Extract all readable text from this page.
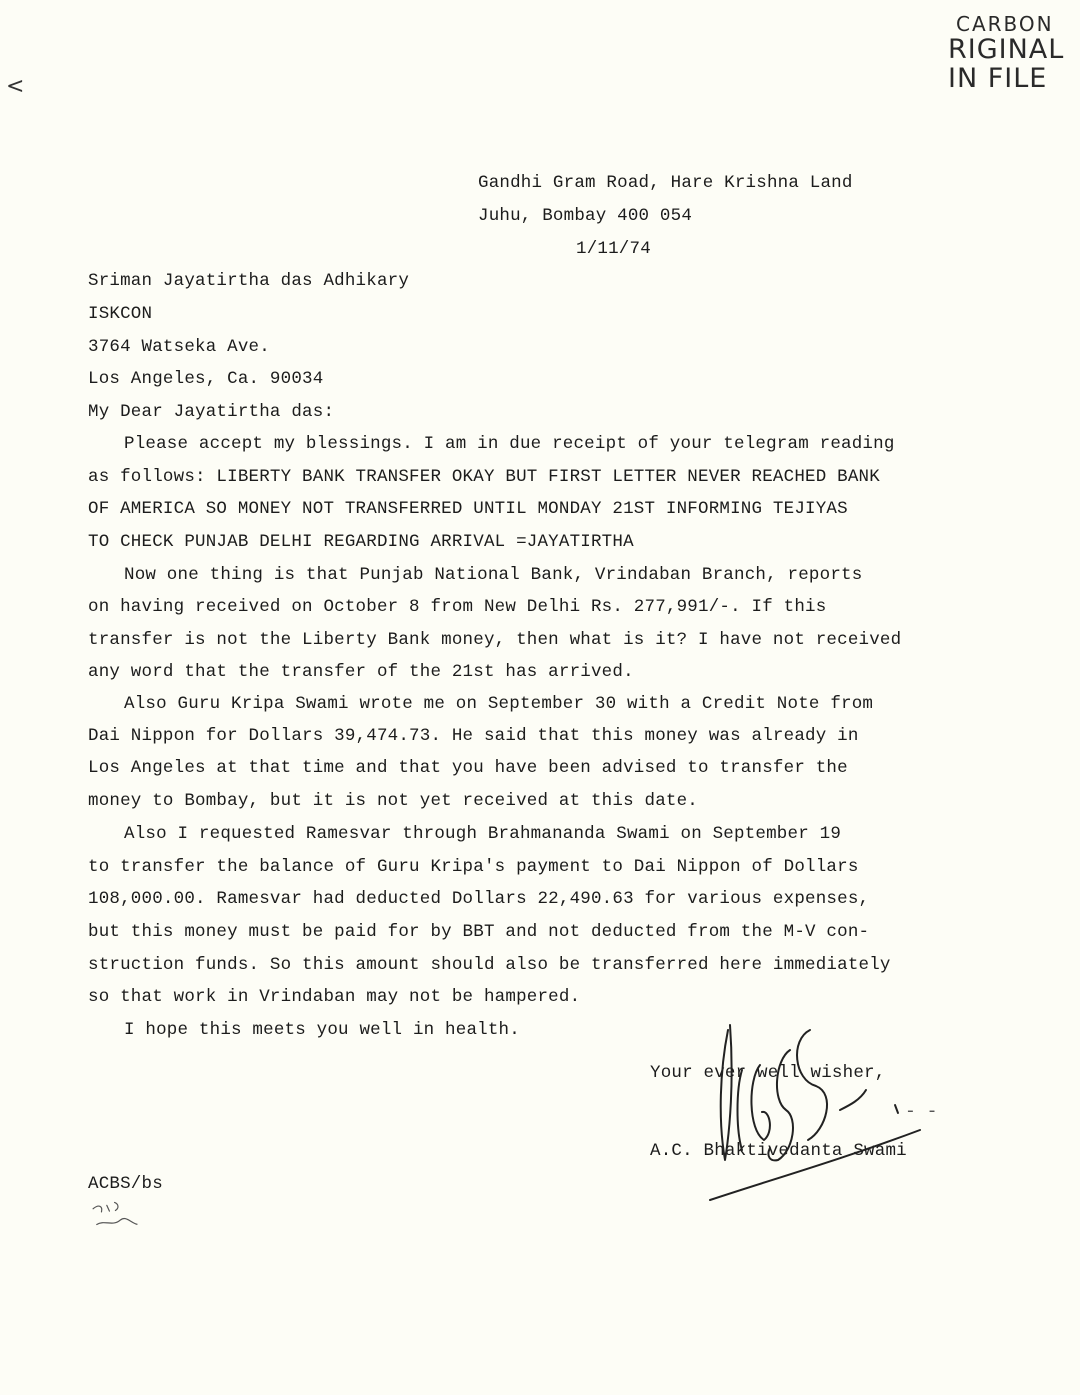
CARBON
RIGINAL
IN FILE
<
Gandhi Gram Road, Hare Krishna Land
Juhu, Bombay 400 054
1/11/74
Sriman Jayatirtha das Adhikary
ISKCON
3764 Watseka Ave.
Los Angeles, Ca. 90034
My Dear Jayatirtha das:
Please accept my blessings. I am in due receipt of your telegram reading
as follows: LIBERTY BANK TRANSFER OKAY BUT FIRST LETTER NEVER REACHED BANK
OF AMERICA SO MONEY NOT TRANSFERRED UNTIL MONDAY 21ST INFORMING TEJIYAS
TO CHECK PUNJAB DELHI REGARDING ARRIVAL =JAYATIRTHA
Now one thing is that Punjab National Bank, Vrindaban Branch, reports
on having received on October 8 from New Delhi Rs. 277,991/-. If this
transfer is not the Liberty Bank money, then what is it? I have not received
any word that the transfer of the 21st has arrived.
Also Guru Kripa Swami wrote me on September 30 with a Credit Note from
Dai Nippon for Dollars 39,474.73. He said that this money was already in
Los Angeles at that time and that you have been advised to transfer the
money to Bombay, but it is not yet received at this date.
Also I requested Ramesvar through Brahmananda Swami on September 19
to transfer the balance of Guru Kripa's payment to Dai Nippon of Dollars
108,000.00. Ramesvar had deducted Dollars 22,490.63 for various expenses,
but this money must be paid for by BBT and not deducted from the M-V con-
struction funds. So this amount should also be transferred here immediately
so that work in Vrindaban may not be hampered.
I hope this meets you well in health.
Your ever well wisher,
A.C. Bhaktivedanta Swami
- -
ACBS/bs
